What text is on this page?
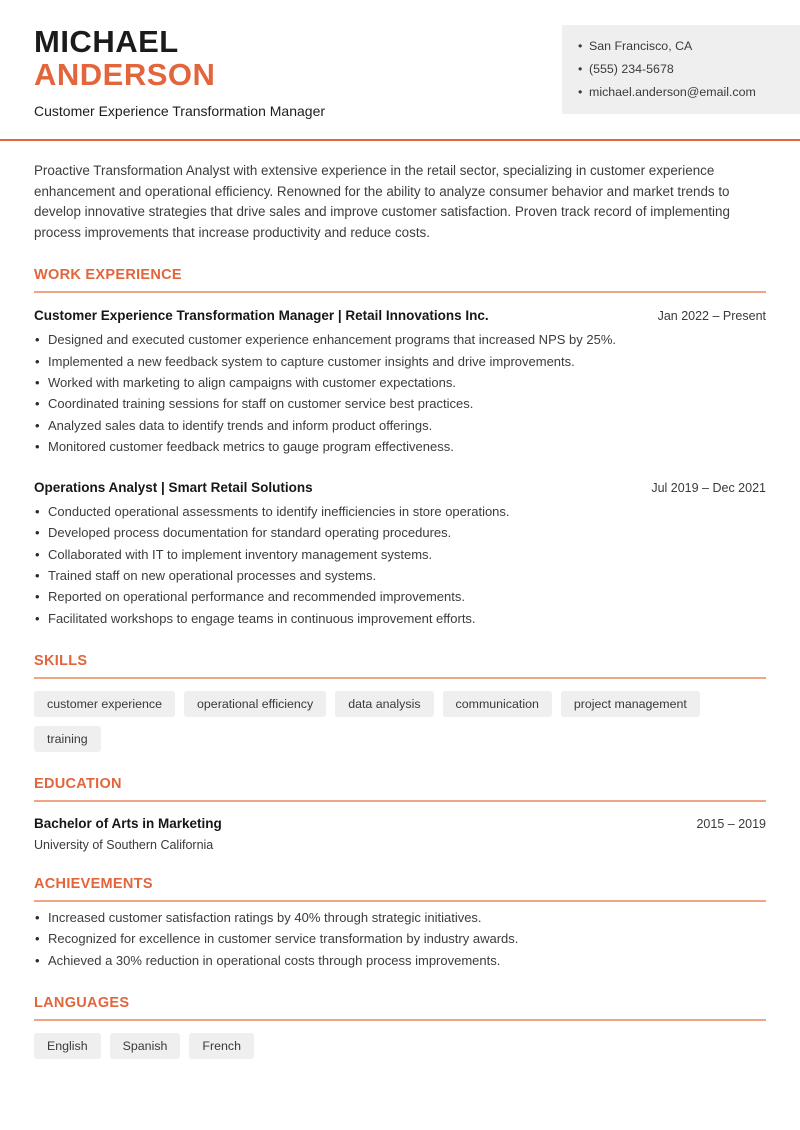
MICHAEL
ANDERSON
Customer Experience Transformation Manager
• San Francisco, CA
• (555) 234-5678
• michael.anderson@email.com

Proactive Transformation Analyst with extensive experience in the retail sector, specializing in customer experience enhancement and operational efficiency. Renowned for the ability to analyze consumer behavior and market trends to develop innovative strategies that drive sales and improve customer satisfaction. Proven track record of implementing process improvements that increase productivity and reduce costs.

WORK EXPERIENCE
Customer Experience Transformation Manager | Retail Innovations Inc.	Jan 2022 – Present
• Designed and executed customer experience enhancement programs that increased NPS by 25%.
• Implemented a new feedback system to capture customer insights and drive improvements.
• Worked with marketing to align campaigns with customer expectations.
• Coordinated training sessions for staff on customer service best practices.
• Analyzed sales data to identify trends and inform product offerings.
• Monitored customer feedback metrics to gauge program effectiveness.
Operations Analyst | Smart Retail Solutions	Jul 2019 – Dec 2021
• Conducted operational assessments to identify inefficiencies in store operations.
• Developed process documentation for standard operating procedures.
• Collaborated with IT to implement inventory management systems.
• Trained staff on new operational processes and systems.
• Reported on operational performance and recommended improvements.
• Facilitated workshops to engage teams in continuous improvement efforts.
SKILLS
customer experience	operational efficiency	data analysis	communication	project management
training
EDUCATION
Bachelor of Arts in Marketing	2015 – 2019
University of Southern California
ACHIEVEMENTS
• Increased customer satisfaction ratings by 40% through strategic initiatives.
• Recognized for excellence in customer service transformation by industry awards.
• Achieved a 30% reduction in operational costs through process improvements.
LANGUAGES
English	Spanish	French
